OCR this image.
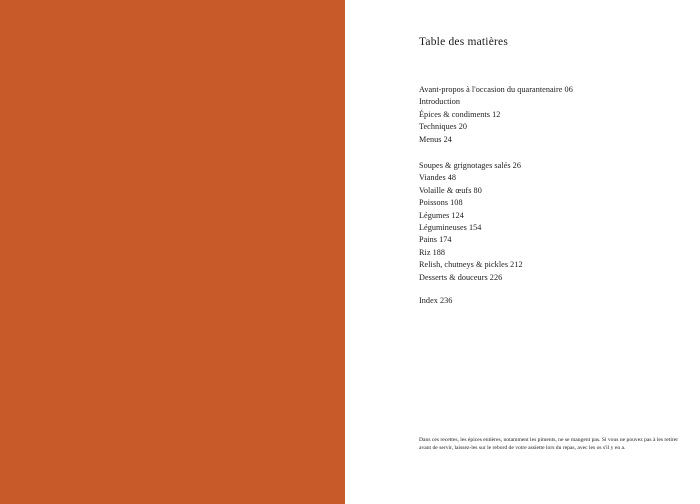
Table des matières
Avant-propos à l'occasion du quarantenaire 06
Introduction
Épices & condiments 12
Techniques 20
Menus 24
Soupes & grignotages salés 26
Viandes 48
Volaille & œufs 80
Poissons 108
Légumes 124
Légumineuses 154
Pains 174
Riz 188
Relish, chutneys & pickles 212
Desserts & douceurs 226
Index 236

Dans ces recettes, les épices entières, notamment les piments, ne se mangent pas. Si vous ne pouvez pas à les retirer avant de servir, laissez-les sur le rebord de votre assiette lors du repas, avec les os s'il y en a.
